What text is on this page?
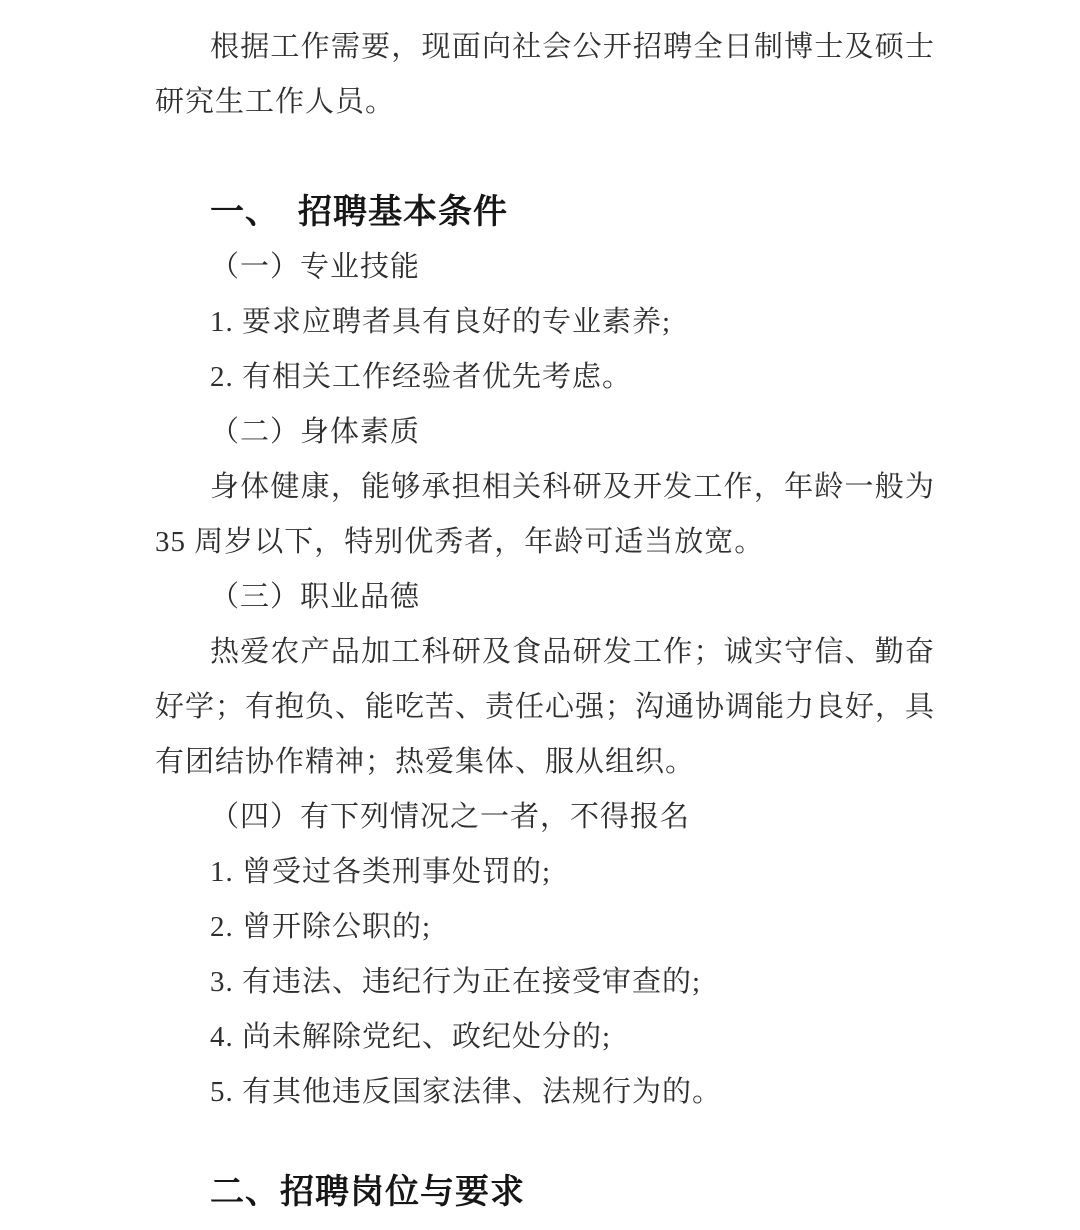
根据工作需要，现面向社会公开招聘全日制博士及硕士
研究生工作人员。
一、　招聘基本条件
（一）专业技能
1. 要求应聘者具有良好的专业素养;
2. 有相关工作经验者优先考虑。
（二）身体素质
身体健康，能够承担相关科研及开发工作，年龄一般为
35 周岁以下，特别优秀者，年龄可适当放宽。
（三）职业品德
热爱农产品加工科研及食品研发工作；诚实守信、勤奋
好学；有抱负、能吃苦、责任心强；沟通协调能力良好，具
有团结协作精神；热爱集体、服从组织。
（四）有下列情况之一者，不得报名
1. 曾受过各类刑事处罚的;
2. 曾开除公职的;
3. 有违法、违纪行为正在接受审查的;
4. 尚未解除党纪、政纪处分的;
5. 有其他违反国家法律、法规行为的。
二、招聘岗位与要求
